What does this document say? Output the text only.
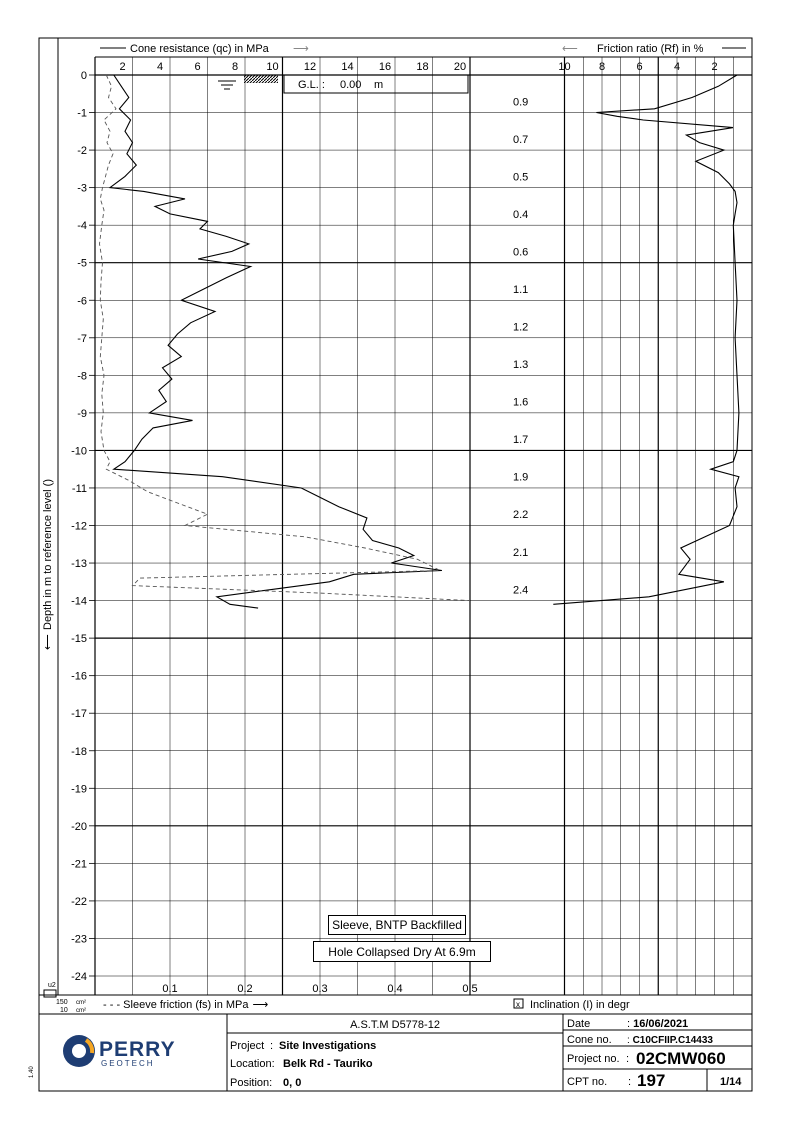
Cone resistance (qc) in MPa ⟶	⟵ Friction ratio (Rf) in %
Depth in m to reference level ()
⟵
G.L. : 0.00 m
u2
150 cm²
10 cm² - - - Sleeve friction (fs) in MPa ⟶	x Inclination (I) in degr
0
-1
-2
-3
-4
-5
-6
-7
-8
-9
-10
-11
-12
-13
-14
-15
-16
-17
-18
-19
-20
-21
-22
-23
-24
2	4	6	8	10 12 14 16 18 20	10	8	6	4	2
0.1	0.2	0.3	0.4	0.5
0.9
0.7
0.5
0.4
0.6
1.1
1.2
1.3
1.6
1.7
1.9
2.2
2.1
2.4
1.40
PERRY
GEOTECH
A.S.T.M D5778-12
Project : Site Investigations
Location: Belk Rd - Tauriko
Position: 0, 0
Date	: 16/06/2021
Cone no. : C10CFIIP.C14433
Project no. : 02CMW060
CPT no. : 197	1/14
Sleeve, BNTP Backfilled
Hole Collapsed Dry At 6.9m
